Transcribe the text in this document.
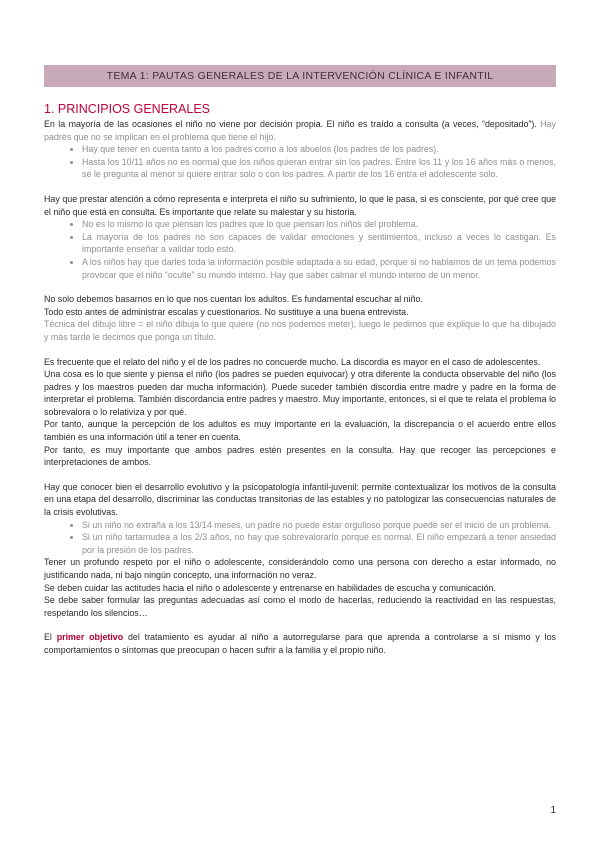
TEMA 1: PAUTAS GENERALES DE LA INTERVENCIÓN CLÍNICA E INFANTIL
1. PRINCIPIOS GENERALES

En la mayoría de las ocasiones el niño no viene por decisión propia. El niño es traído a consulta (a veces, “depositado”). Hay padres que no se implican en el problema que tiene el hijo.

• Hay que tener en cuenta tanto a los padres como a los abuelos (los padres de los padres).
• Hasta los 10/11 años no es normal que los niños quieran entrar sin los padres. Entre los 11 y los 16 años más o menos, se le pregunta al menor si quiere entrar solo o con los padres. A partir de los 16 entra el adolescente solo.

Hay que prestar atención a cómo representa e interpreta el niño su sufrimiento, lo que le pasa, si es consciente, por qué cree que el niño que está en consulta. Es importante que relate su malestar y su historia.

• No es lo mismo lo que piensan los padres que lo que piensan los niños del problema.
• La mayoría de los padres no son capaces de validar emociones y sentimientos, incluso a veces lo castigan. Es importante enseñar a validar todo esto.
• A los niños hay que darles toda la información posible adaptada a su edad, porque si no hablamos de un tema podemos provocar que el niño “oculte” su mundo interno. Hay que saber calmar el mundo interno de un menor.

No solo debemos basarnos en lo que nos cuentan los adultos. Es fundamental escuchar al niño.

Todo esto antes de administrar escalas y cuestionarios. No sustituye a una buena entrevista.

Técnica del dibujo libre = el niño dibuja lo que quiere (no nos podemos meter), luego le pedimos que explique lo que ha dibujado y más tarde le decimos que ponga un título.

Es frecuente que el relato del niño y el de los padres no concuerde mucho. La discordia es mayor en el caso de adolescentes.

Una cosa es lo que siente y piensa el niño (los padres se pueden equivocar) y otra diferente la conducta observable del niño (los padres y los maestros pueden dar mucha información). Puede suceder también discordia entre madre y padre en la forma de interpretar el problema. También discordancia entre padres y maestro. Muy importante, entonces, si el que te relata el problema lo sobrevalora o lo relativiza y por qué.

Por tanto, aunque la percepción de los adultos es muy importante en la evaluación, la discrepancia o el acuerdo entre ellos también es una información útil a tener en cuenta.

Por tanto, es muy importante que ambos padres estén presentes en la consulta. Hay que recoger las percepciones e interpretaciones de ambos.

Hay que conocer bien el desarrollo evolutivo y la psicopatología infantil-juvenil: permite contextualizar los motivos de la consulta en una etapa del desarrollo, discriminar las conductas transitorias de las estables y no patologizar las consecuencias naturales de la crisis evolutivas.

• Si un niño no extraña a los 13/14 meses, un padre no puede estar orgulloso porque puede ser el inicio de un problema.
• Si un niño tartamudea a los 2/3 años, no hay que sobrevalorarlo porque es normal. El niño empezará a tener ansiedad por la presión de los padres.

Tener un profundo respeto por el niño o adolescente, considerándolo como una persona con derecho a estar informado, no justificando nada, ni bajo ningún concepto, una información no veraz.

Se deben cuidar las actitudes hacia el niño o adolescente y entrenarse en habilidades de escucha y comunicación.

Se debe saber formular las preguntas adecuadas así como el modo de hacerlas, reduciendo la reactividad en las respuestas, respetando los silencios…

El primer objetivo del tratamiento es ayudar al niño a autorregularse para que aprenda a controlarse a sí mismo y los comportamientos o síntomas que preocupan o hacen sufrir a la familia y el propio niño.

1
